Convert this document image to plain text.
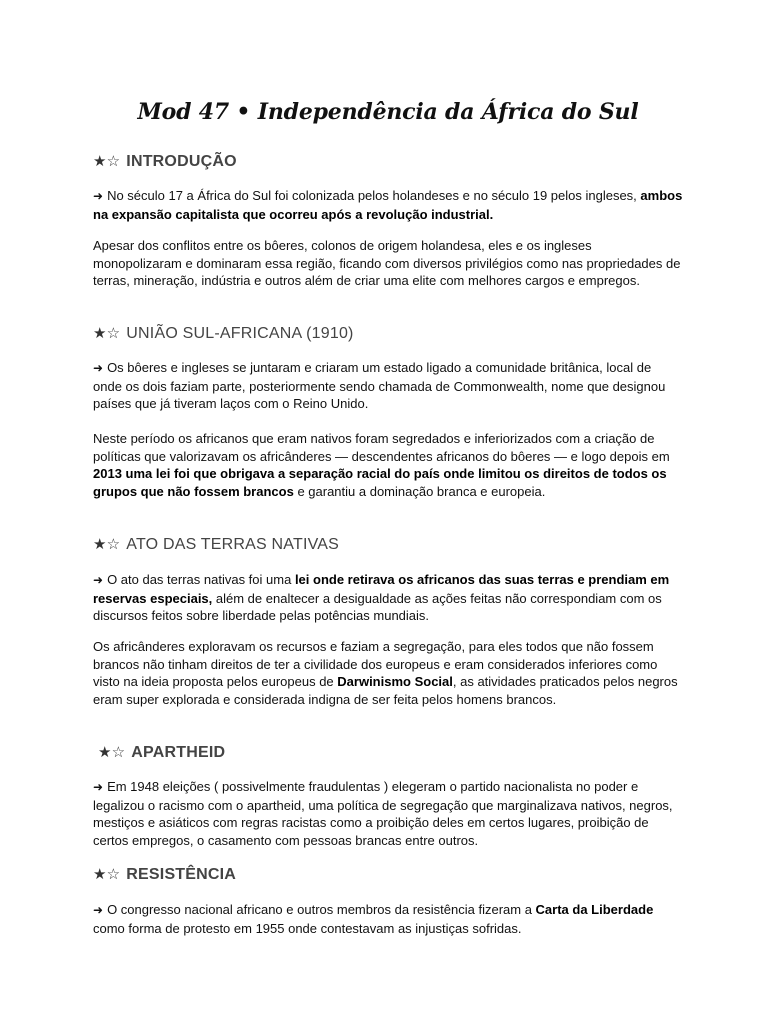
Mod 47 • Independência da África do Sul
★☆ INTRODUÇÃO
➜ No século 17 a África do Sul foi colonizada pelos holandeses e no século 19 pelos ingleses, ambos na expansão capitalista que ocorreu após a revolução industrial.
Apesar dos conflitos entre os bôeres, colonos de origem holandesa, eles e os ingleses monopolizaram e dominaram essa região, ficando com diversos privilégios como nas propriedades de terras, mineração, indústria e outros além de criar uma elite com melhores cargos e empregos.
★☆ UNIÃO SUL-AFRICANA (1910)
➜ Os bôeres e ingleses se juntaram e criaram um estado ligado a comunidade britânica, local de onde os dois faziam parte, posteriormente sendo chamada de Commonwealth, nome que designou países que já tiveram laços com o Reino Unido.
Neste período os africanos que eram nativos foram segredados e inferiorizados com a criação de políticas que valorizavam os africânderes — descendentes africanos do bôeres — e logo depois em 2013 uma lei foi que obrigava a separação racial do país onde limitou os direitos de todos os grupos que não fossem brancos e garantiu a dominação branca e europeia.
★☆ ATO DAS TERRAS NATIVAS
➜ O ato das terras nativas foi uma lei onde retirava os africanos das suas terras e prendiam em reservas especiais, além de enaltecer a desigualdade as ações feitas não correspondiam com os discursos feitos sobre liberdade pelas potências mundiais.
Os africânderes exploravam os recursos e faziam a segregação, para eles todos que não fossem brancos não tinham direitos de ter a civilidade dos europeus e eram considerados inferiores como visto na ideia proposta pelos europeus de Darwinismo Social, as atividades praticados pelos negros eram super explorada e considerada indigna de ser feita pelos homens brancos.
★☆ APARTHEID
➜ Em 1948 eleições ( possivelmente fraudulentas ) elegeram o partido nacionalista no poder e legalizou o racismo com o apartheid, uma política de segregação que marginalizava nativos, negros, mestiços e asiáticos com regras racistas como a proibição deles em certos lugares, proibição de certos empregos, o casamento com pessoas brancas entre outros.
★☆ RESISTÊNCIA
➜ O congresso nacional africano e outros membros da resistência fizeram a Carta da Liberdade como forma de protesto em 1955 onde contestavam as injustiças sofridas.
